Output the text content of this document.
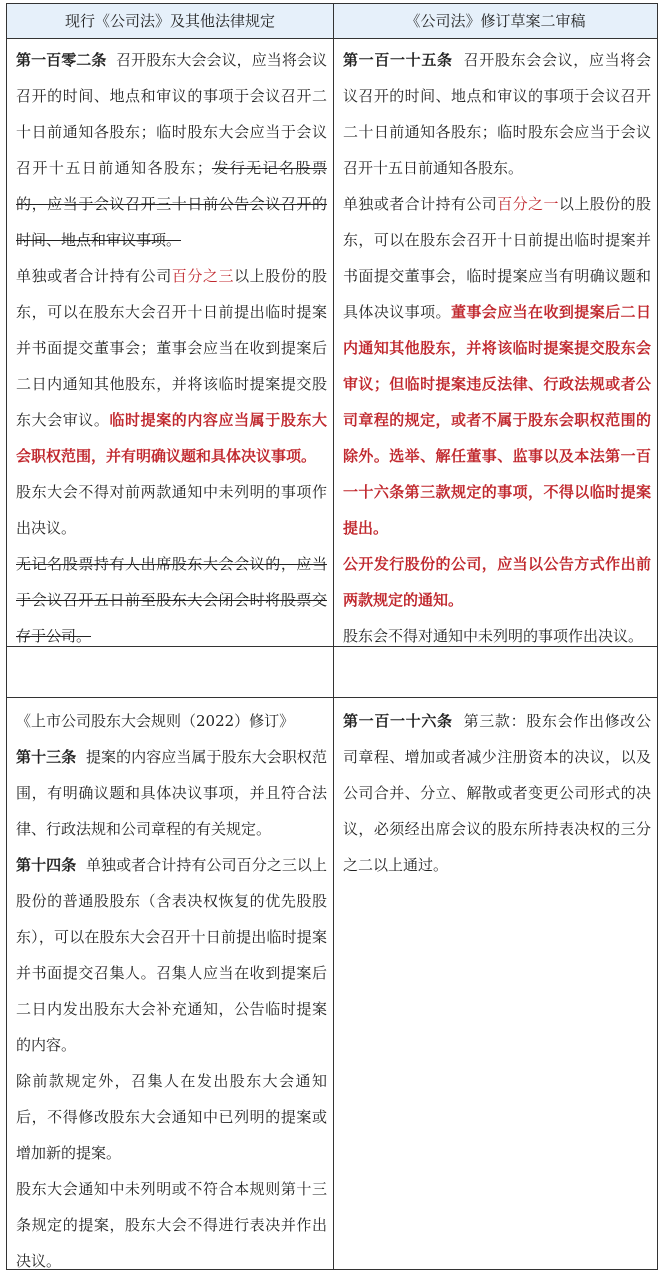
现行《公司法》及其他法律规定	《公司法》修订草案二审稿

第一百零二条 召开股东大会会议，应当将会议召开的时间、地点和审议的事项于会议召开二十日前通知各股东；临时股东大会应当于会议召开十五日前通知各股东；发行无记名股票的，应当于会议召开三十日前公告会议召开的时间、地点和审议事项。

单独或者合计持有公司百分之三以上股份的股东，可以在股东大会召开十日前提出临时提案并书面提交董事会；董事会应当在收到提案后二日内通知其他股东，并将该临时提案提交股东大会审议。临时提案的内容应当属于股东大会职权范围，并有明确议题和具体决议事项。

股东大会不得对前两款通知中未列明的事项作出决议。

无记名股票持有人出席股东大会会议的，应当于会议召开五日前至股东大会闭会时将股票交存于公司。

第一百一十五条 召开股东会会议，应当将会议召开的时间、地点和审议的事项于会议召开二十日前通知各股东；临时股东会应当于会议召开十五日前通知各股东。

单独或者合计持有公司百分之一以上股份的股东，可以在股东会召开十日前提出临时提案并书面提交董事会，临时提案应当有明确议题和具体决议事项。董事会应当在收到提案后二日内通知其他股东，并将该临时提案提交股东会审议；但临时提案违反法律、行政法规或者公司章程的规定，或者不属于股东会职权范围的除外。选举、解任董事、监事以及本法第一百一十六条第三款规定的事项，不得以临时提案提出。

公开发行股份的公司，应当以公告方式作出前两款规定的通知。

股东会不得对通知中未列明的事项作出决议。

《上市公司股东大会规则（2022）修订》

第十三条 提案的内容应当属于股东大会职权范围，有明确议题和具体决议事项，并且符合法律、行政法规和公司章程的有关规定。

第十四条 单独或者合计持有公司百分之三以上股份的普通股股东（含表决权恢复的优先股股东），可以在股东大会召开十日前提出临时提案并书面提交召集人。召集人应当在收到提案后二日内发出股东大会补充通知，公告临时提案的内容。

除前款规定外，召集人在发出股东大会通知后，不得修改股东大会通知中已列明的提案或增加新的提案。

股东大会通知中未列明或不符合本规则第十三条规定的提案，股东大会不得进行表决并作出决议。

第一百一十六条 第三款：股东会作出修改公司章程、增加或者减少注册资本的决议，以及公司合并、分立、解散或者变更公司形式的决议，必须经出席会议的股东所持表决权的三分之二以上通过。
